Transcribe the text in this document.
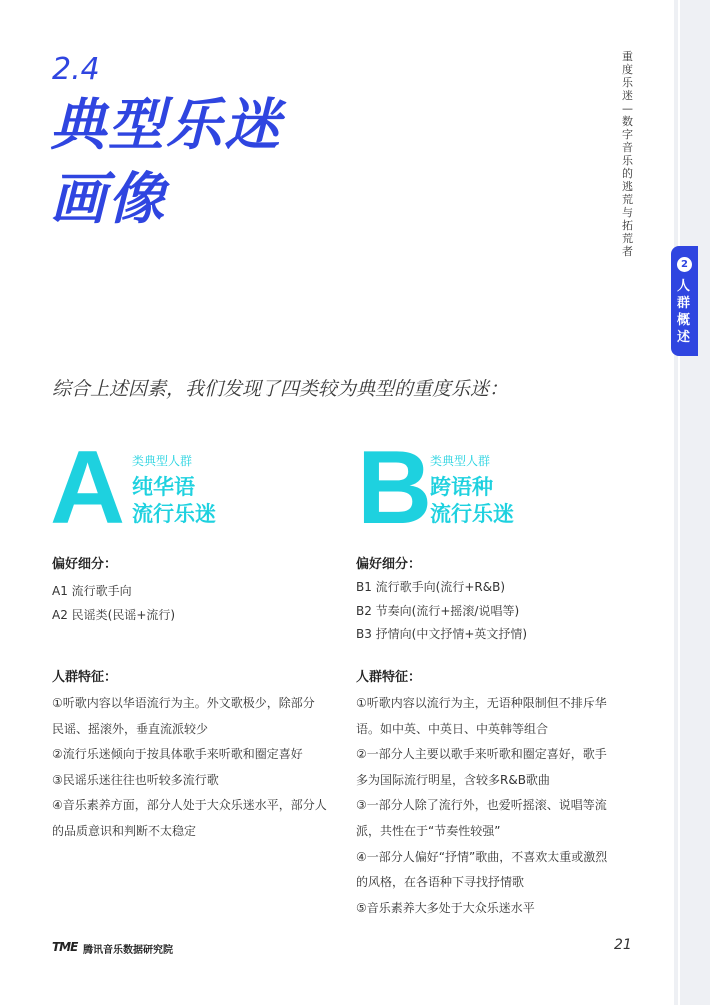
2.4
典型乐迷
画像
重度乐迷—数字音乐的逃荒与拓荒者
2
人群概述
综合上述因素，我们发现了四类较为典型的重度乐迷：
A 类典型人群
纯华语
流行乐迷
偏好细分：
A1 流行歌手向
A2 民谣类(民谣+流行)
人群特征：
①听歌内容以华语流行为主。外文歌极少，除部分
民谣、摇滚外，垂直流派较少
②流行乐迷倾向于按具体歌手来听歌和圈定喜好
③民谣乐迷往往也听较多流行歌
④音乐素养方面，部分人处于大众乐迷水平，部分人
的品质意识和判断不太稳定
B
类典型人群
跨语种
流行乐迷
偏好细分：
B1 流行歌手向(流行+R&B)
B2 节奏向(流行+摇滚/说唱等)
B3 抒情向(中文抒情+英文抒情)
人群特征：
①听歌内容以流行为主，无语种限制但不排斥华
语。如中英、中英日、中英韩等组合
②一部分人主要以歌手来听歌和圈定喜好，歌手
多为国际流行明星，含较多R&B歌曲
③一部分人除了流行外，也爱听摇滚、说唱等流
派，共性在于“节奏性较强”
④一部分人偏好“抒情”歌曲，不喜欢太重或激烈
的风格，在各语种下寻找抒情歌
⑤音乐素养大多处于大众乐迷水平
TME 腾讯音乐数据研究院	21
